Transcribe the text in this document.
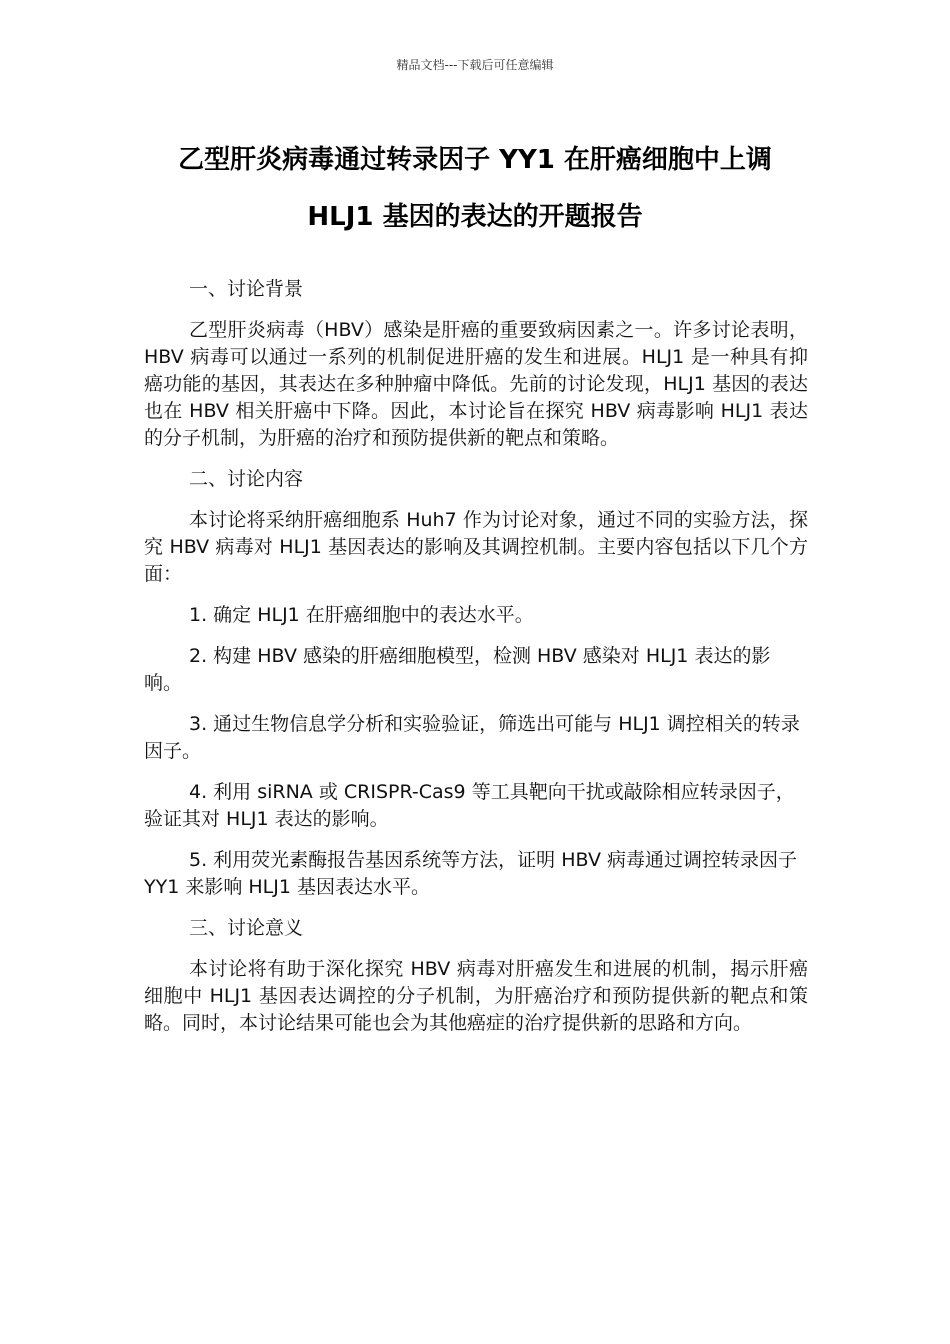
精品文档---下载后可任意编辑
乙型肝炎病毒通过转录因子 YY1 在肝癌细胞中上调
HLJ1 基因的表达的开题报告

一、讨论背景

乙型肝炎病毒（HBV）感染是肝癌的重要致病因素之一。许多讨论表明，HBV 病毒可以通过一系列的机制促进肝癌的发生和进展。HLJ1 是一种具有抑癌功能的基因，其表达在多种肿瘤中降低。先前的讨论发现，HLJ1 基因的表达也在 HBV 相关肝癌中下降。因此，本讨论旨在探究 HBV 病毒影响 HLJ1 表达的分子机制，为肝癌的治疗和预防提供新的靶点和策略。

二、讨论内容

本讨论将采纳肝癌细胞系 Huh7 作为讨论对象，通过不同的实验方法，探究 HBV 病毒对 HLJ1 基因表达的影响及其调控机制。主要内容包括以下几个方面：

1. 确定 HLJ1 在肝癌细胞中的表达水平。

2. 构建 HBV 感染的肝癌细胞模型，检测 HBV 感染对 HLJ1 表达的影响。

3. 通过生物信息学分析和实验验证，筛选出可能与 HLJ1 调控相关的转录因子。

4. 利用 siRNA 或 CRISPR-Cas9 等工具靶向干扰或敲除相应转录因子，验证其对 HLJ1 表达的影响。

5. 利用荧光素酶报告基因系统等方法，证明 HBV 病毒通过调控转录因子 YY1 来影响 HLJ1 基因表达水平。

三、讨论意义

本讨论将有助于深化探究 HBV 病毒对肝癌发生和进展的机制，揭示肝癌细胞中 HLJ1 基因表达调控的分子机制，为肝癌治疗和预防提供新的靶点和策略。同时，本讨论结果可能也会为其他癌症的治疗提供新的思路和方向。
